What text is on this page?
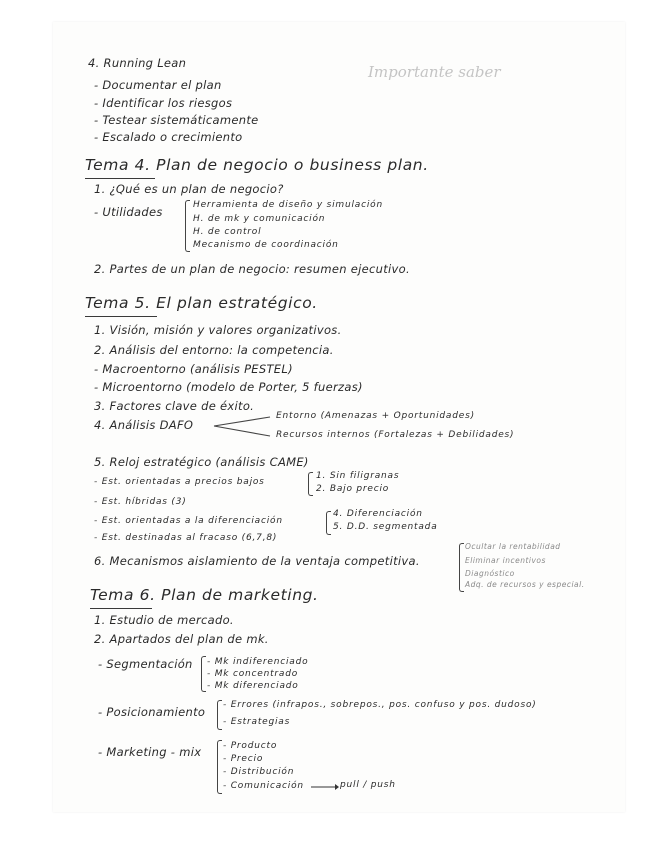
Importante saber
4. Running Lean
- Documentar el plan
- Identificar los riesgos
- Testear sistemáticamente
- Escalado o crecimiento
Tema 4. Plan de negocio o business plan.
1. ¿Qué es un plan de negocio?
- Utilidades	Herramienta de diseño y simulación
H. de mk y comunicación
H. de control
Mecanismo de coordinación
2. Partes de un plan de negocio: resumen ejecutivo.
Tema 5. El plan estratégico.
1. Visión, misión y valores organizativos.
2. Análisis del entorno: la competencia.
- Macroentorno (análisis PESTEL)
- Microentorno (modelo de Porter, 5 fuerzas)
3. Factores clave de éxito.
4. Análisis DAFO
Entorno (Amenazas + Oportunidades)
Recursos internos (Fortalezas + Debilidades)
5. Reloj estratégico (análisis CAME)
- Est. orientadas a precios bajos
1. Sin filigranas
2. Bajo precio
- Est. híbridas (3)
- Est. orientadas a la diferenciación
4. Diferenciación
5. D.D. segmentada
- Est. destinadas al fracaso (6,7,8)
6. Mecanismos aislamiento de la ventaja competitiva.
Ocultar la rentabilidad
Eliminar incentivos
Diagnóstico
Adq. de recursos y especial.
Tema 6. Plan de marketing.
1. Estudio de mercado.
2. Apartados del plan de mk.
- Segmentación - Mk indiferenciado
- Mk concentrado
- Mk diferenciado
- Posicionamiento - Errores (infrapos., sobrepos., pos. confuso y pos. dudoso)
- Estrategias
- Marketing - mix - Producto
- Precio
- Distribución
- Comunicación	pull / push
